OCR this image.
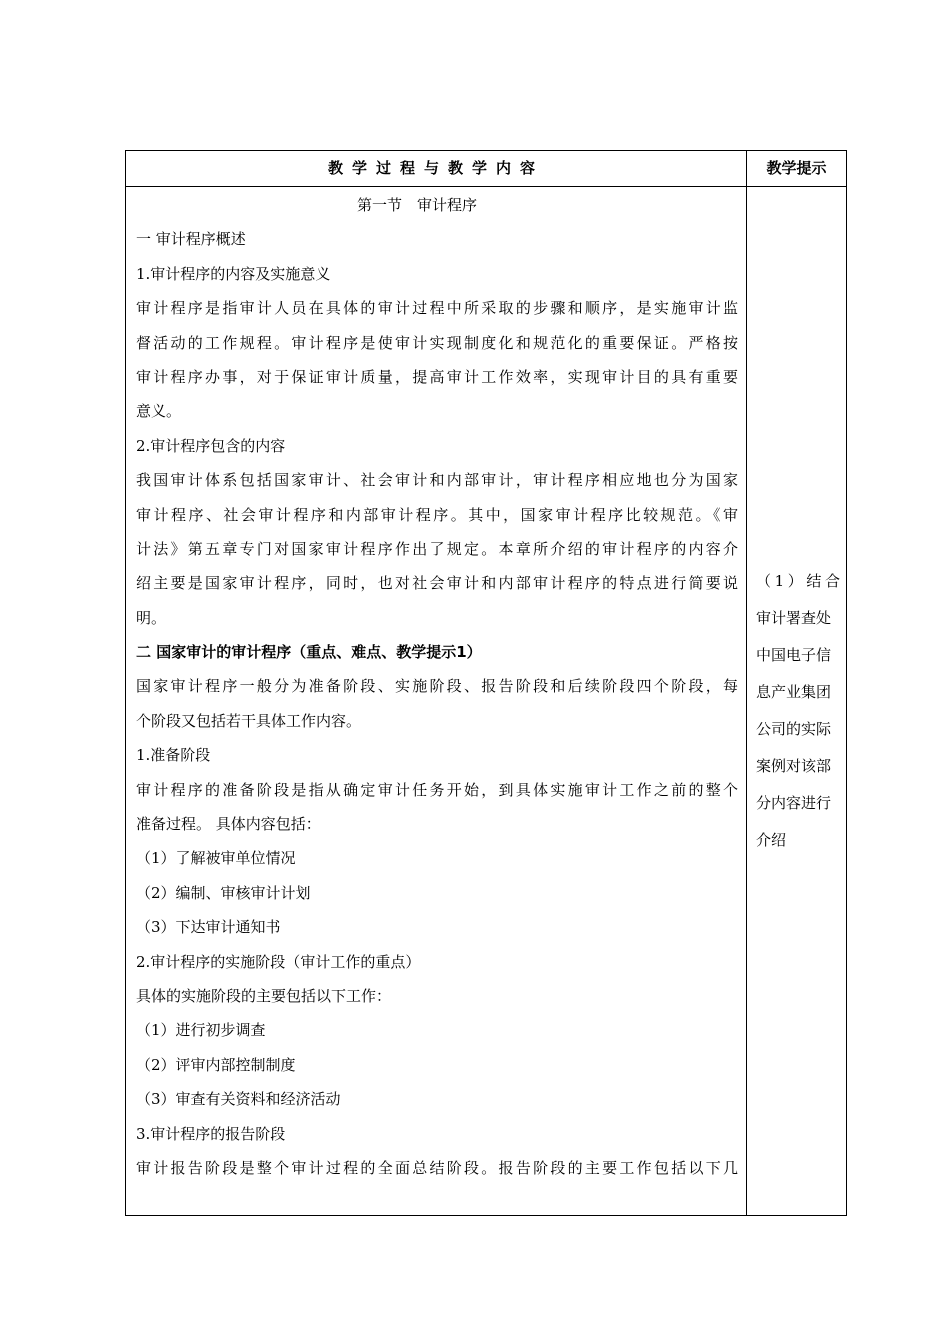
教学过程与教学内容	教学提示
第一节　审计程序
一 审计程序概述
1.审计程序的内容及实施意义
审计程序是指审计人员在具体的审计过程中所采取的步骤和顺序，是实施审计监
督活动的工作规程。审计程序是使审计实现制度化和规范化的重要保证。严格按
审计程序办事，对于保证审计质量，提高审计工作效率，实现审计目的具有重要
意义。
2.审计程序包含的内容
我国审计体系包括国家审计、社会审计和内部审计，审计程序相应地也分为国家
审计程序、社会审计程序和内部审计程序。其中，国家审计程序比较规范。《审
计法》第五章专门对国家审计程序作出了规定。本章所介绍的审计程序的内容介
绍主要是国家审计程序，同时，也对社会审计和内部审计程序的特点进行简要说
明。
二 国家审计的审计程序（重点、难点、教学提示1）
国家审计程序一般分为准备阶段、实施阶段、报告阶段和后续阶段四个阶段，每
个阶段又包括若干具体工作内容。
1.准备阶段
审计程序的准备阶段是指从确定审计任务开始，到具体实施审计工作之前的整个
准备过程。 具体内容包括：
（1）了解被审单位情况
（2）编制、审核审计计划
（3）下达审计通知书
2.审计程序的实施阶段（审计工作的重点）
具体的实施阶段的主要包括以下工作：
（1）进行初步调查
（2）评审内部控制制度
（3）审查有关资料和经济活动
3.审计程序的报告阶段
审计报告阶段是整个审计过程的全面总结阶段。报告阶段的主要工作包括以下几
（1）结合
审计署查处
中国电子信
息产业集团
公司的实际
案例对该部
分内容进行
介绍
